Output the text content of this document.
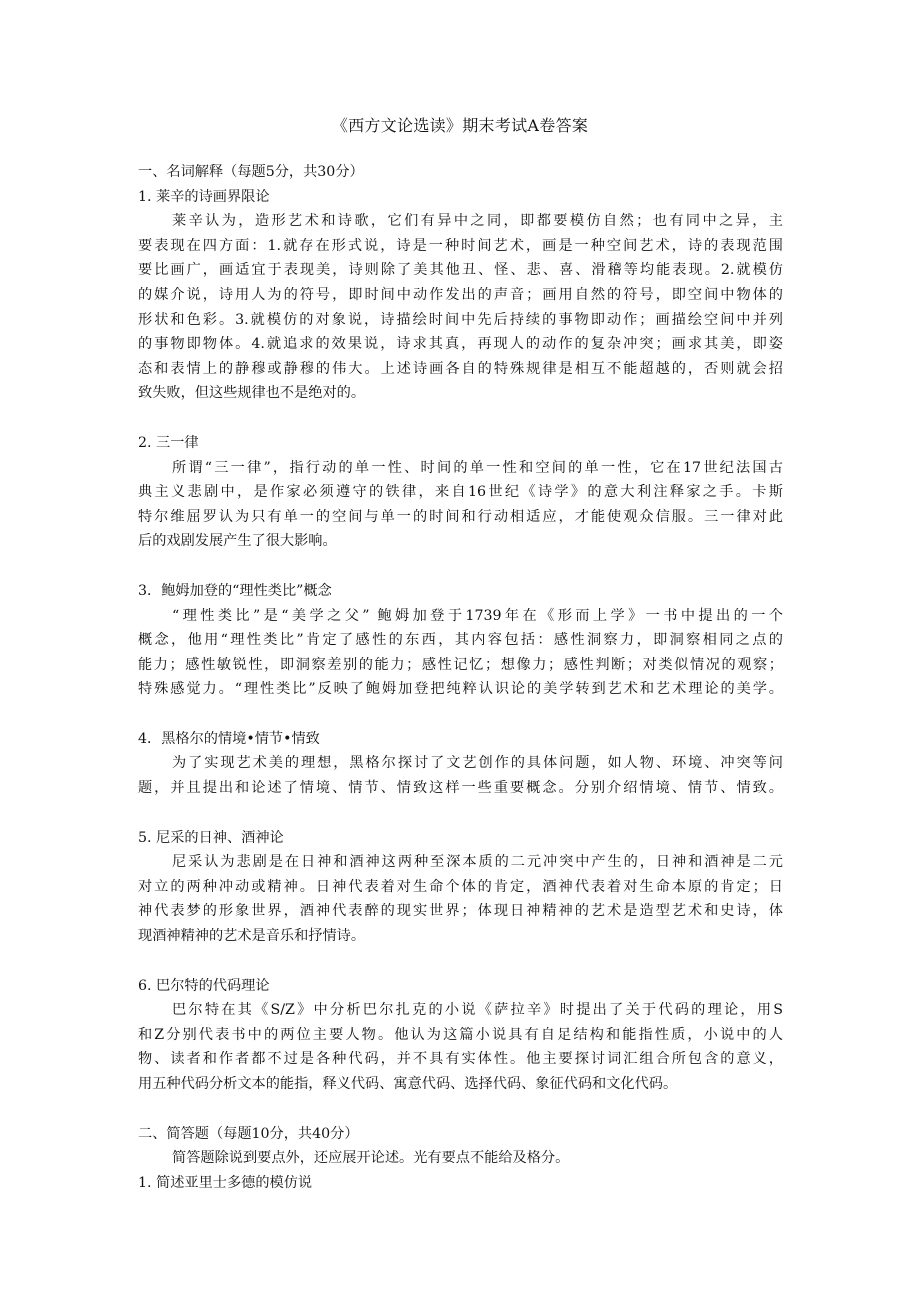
《西方文论选读》期末考试A卷答案

一、名词解释（每题5分，共30分）

1. 莱辛的诗画界限论

莱辛认为，造形艺术和诗歌，它们有异中之同，即都要模仿自然；也有同中之异，主

要表现在四方面：1.就存在形式说，诗是一种时间艺术，画是一种空间艺术，诗的表现范围

要比画广，画适宜于表现美，诗则除了美其他丑、怪、悲、喜、滑稽等均能表现。2.就模仿

的媒介说，诗用人为的符号，即时间中动作发出的声音；画用自然的符号，即空间中物体的

形状和色彩。3.就模仿的对象说，诗描绘时间中先后持续的事物即动作；画描绘空间中并列

的事物即物体。4.就追求的效果说，诗求其真，再现人的动作的复杂冲突；画求其美，即姿

态和表情上的静穆或静穆的伟大。上述诗画各自的特殊规律是相互不能超越的，否则就会招

致失败，但这些规律也不是绝对的。

2. 三一律

所谓“三一律”，指行动的单一性、时间的单一性和空间的单一性，它在17世纪法国古

典主义悲剧中，是作家必须遵守的铁律，来自16世纪《诗学》的意大利注释家之手。卡斯

特尔维屈罗认为只有单一的空间与单一的时间和行动相适应，才能使观众信服。三一律对此

后的戏剧发展产生了很大影响。

3．鲍姆加登的“理性类比”概念

“理性类比”是“美学之父” 鲍姆加登于1739年在《形而上学》一书中提出的一个

概念，他用“理性类比”肯定了感性的东西，其内容包括：感性洞察力，即洞察相同之点的

能力；感性敏锐性，即洞察差别的能力；感性记忆；想像力；感性判断；对类似情况的观察；

特殊感觉力。“理性类比”反映了鲍姆加登把纯粹认识论的美学转到艺术和艺术理论的美学。

4．黑格尔的情境•情节•情致

为了实现艺术美的理想，黑格尔探讨了文艺创作的具体问题，如人物、环境、冲突等问

题，并且提出和论述了情境、情节、情致这样一些重要概念。分别介绍情境、情节、情致。

5. 尼采的日神、酒神论

尼采认为悲剧是在日神和酒神这两种至深本质的二元冲突中产生的，日神和酒神是二元

对立的两种冲动或精神。日神代表着对生命个体的肯定，酒神代表着对生命本原的肯定；日

神代表梦的形象世界，酒神代表醉的现实世界；体现日神精神的艺术是造型艺术和史诗，体

现酒神精神的艺术是音乐和抒情诗。

6. 巴尔特的代码理论

巴尔特在其《S/Z》中分析巴尔扎克的小说《萨拉辛》时提出了关于代码的理论，用S

和Z分别代表书中的两位主要人物。他认为这篇小说具有自足结构和能指性质，小说中的人

物、读者和作者都不过是各种代码，并不具有实体性。他主要探讨词汇组合所包含的意义，

用五种代码分析文本的能指，释义代码、寓意代码、选择代码、象征代码和文化代码。

二、简答题（每题10分，共40分）

简答题除说到要点外，还应展开论述。光有要点不能给及格分。

1. 简述亚里士多德的模仿说
